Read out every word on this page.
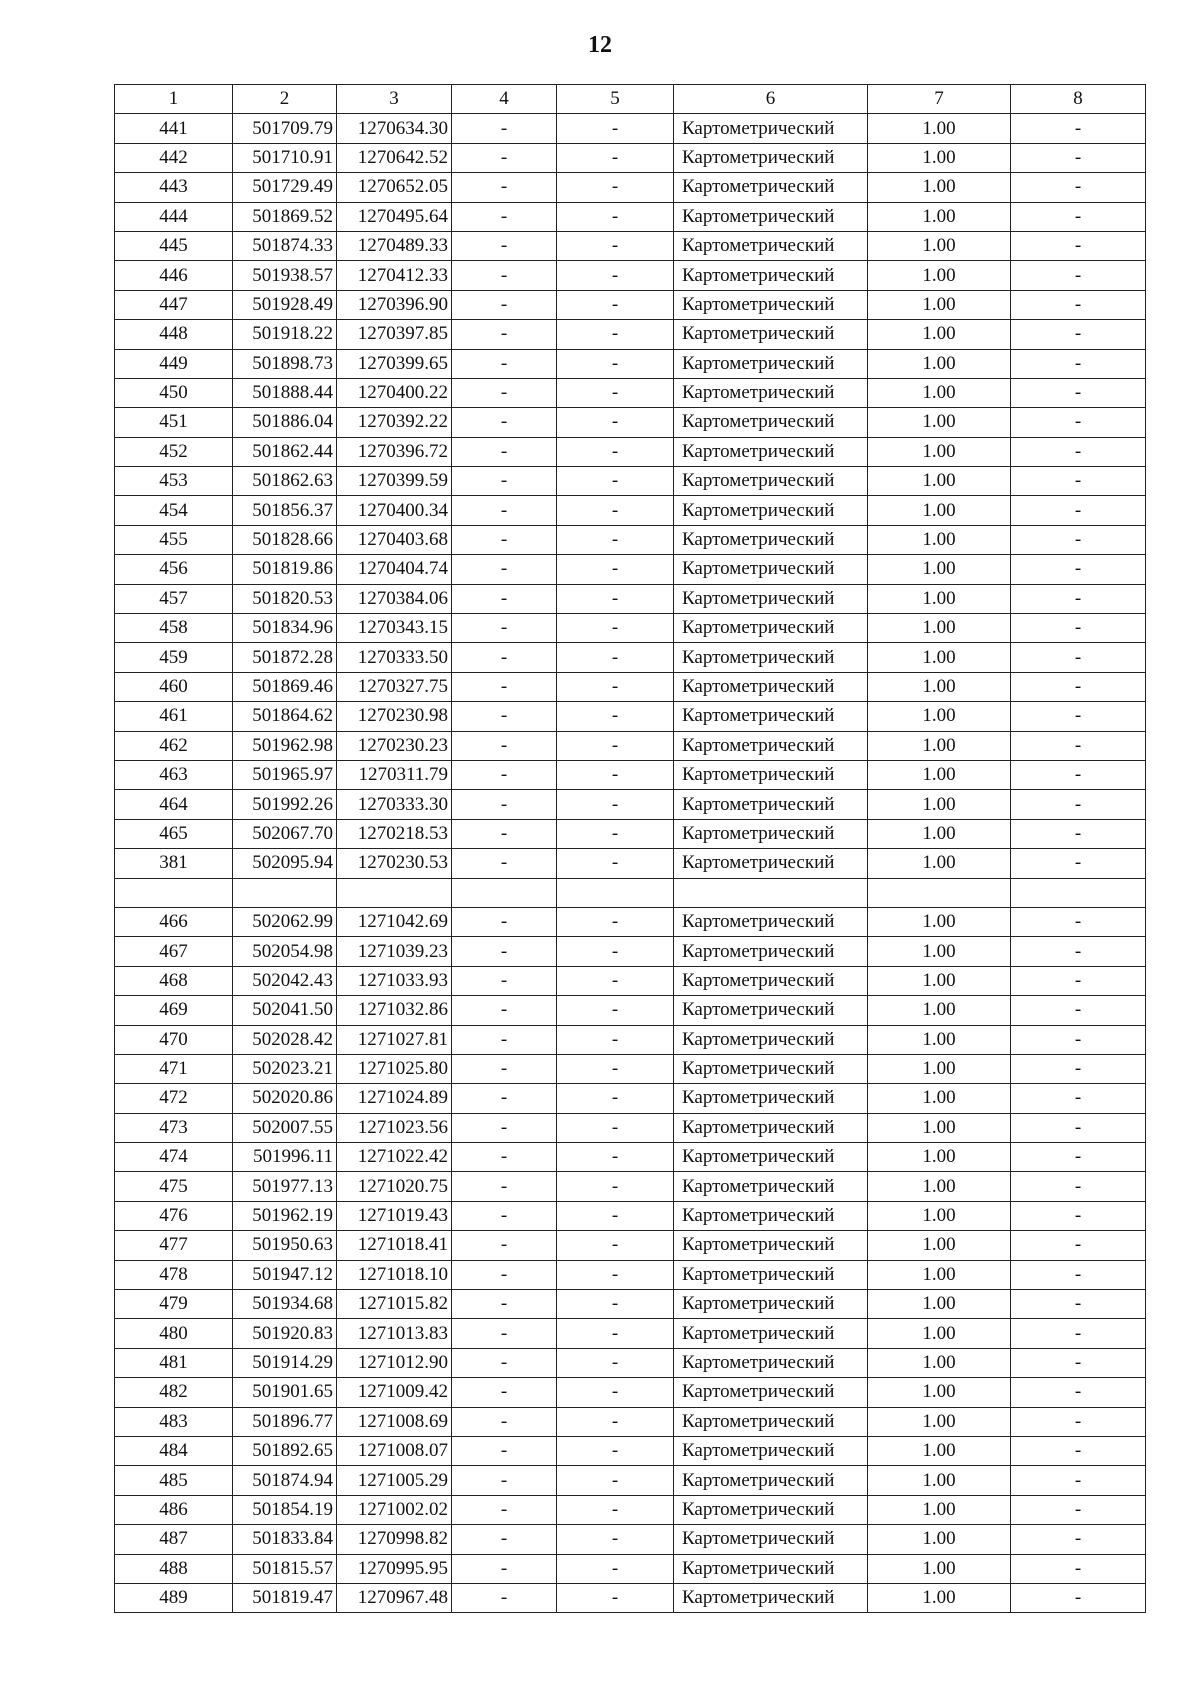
12
1	2	3	4	5	6	7	8
441	501709.79	1270634.30	-	-	Картометрический	1.00	-
442	501710.91	1270642.52	-	-	Картометрический	1.00	-
443	501729.49	1270652.05	-	-	Картометрический	1.00	-
444	501869.52	1270495.64	-	-	Картометрический	1.00	-
445	501874.33	1270489.33	-	-	Картометрический	1.00	-
446	501938.57	1270412.33	-	-	Картометрический	1.00	-
447	501928.49	1270396.90	-	-	Картометрический	1.00	-
448	501918.22	1270397.85	-	-	Картометрический	1.00	-
449	501898.73	1270399.65	-	-	Картометрический	1.00	-
450	501888.44	1270400.22	-	-	Картометрический	1.00	-
451	501886.04	1270392.22	-	-	Картометрический	1.00	-
452	501862.44	1270396.72	-	-	Картометрический	1.00	-
453	501862.63	1270399.59	-	-	Картометрический	1.00	-
454	501856.37	1270400.34	-	-	Картометрический	1.00	-
455	501828.66	1270403.68	-	-	Картометрический	1.00	-
456	501819.86	1270404.74	-	-	Картометрический	1.00	-
457	501820.53	1270384.06	-	-	Картометрический	1.00	-
458	501834.96	1270343.15	-	-	Картометрический	1.00	-
459	501872.28	1270333.50	-	-	Картометрический	1.00	-
460	501869.46	1270327.75	-	-	Картометрический	1.00	-
461	501864.62	1270230.98	-	-	Картометрический	1.00	-
462	501962.98	1270230.23	-	-	Картометрический	1.00	-
463	501965.97	1270311.79	-	-	Картометрический	1.00	-
464	501992.26	1270333.30	-	-	Картометрический	1.00	-
465	502067.70	1270218.53	-	-	Картометрический	1.00	-
381	502095.94	1270230.53	-	-	Картометрический	1.00	-

466	502062.99	1271042.69	-	-	Картометрический	1.00	-
467	502054.98	1271039.23	-	-	Картометрический	1.00	-
468	502042.43	1271033.93	-	-	Картометрический	1.00	-
469	502041.50	1271032.86	-	-	Картометрический	1.00	-
470	502028.42	1271027.81	-	-	Картометрический	1.00	-
471	502023.21	1271025.80	-	-	Картометрический	1.00	-
472	502020.86	1271024.89	-	-	Картометрический	1.00	-
473	502007.55	1271023.56	-	-	Картометрический	1.00	-
474	501996.11	1271022.42	-	-	Картометрический	1.00	-
475	501977.13	1271020.75	-	-	Картометрический	1.00	-
476	501962.19	1271019.43	-	-	Картометрический	1.00	-
477	501950.63	1271018.41	-	-	Картометрический	1.00	-
478	501947.12	1271018.10	-	-	Картометрический	1.00	-
479	501934.68	1271015.82	-	-	Картометрический	1.00	-
480	501920.83	1271013.83	-	-	Картометрический	1.00	-
481	501914.29	1271012.90	-	-	Картометрический	1.00	-
482	501901.65	1271009.42	-	-	Картометрический	1.00	-
483	501896.77	1271008.69	-	-	Картометрический	1.00	-
484	501892.65	1271008.07	-	-	Картометрический	1.00	-
485	501874.94	1271005.29	-	-	Картометрический	1.00	-
486	501854.19	1271002.02	-	-	Картометрический	1.00	-
487	501833.84	1270998.82	-	-	Картометрический	1.00	-
488	501815.57	1270995.95	-	-	Картометрический	1.00	-
489	501819.47	1270967.48	-	-	Картометрический	1.00	-
